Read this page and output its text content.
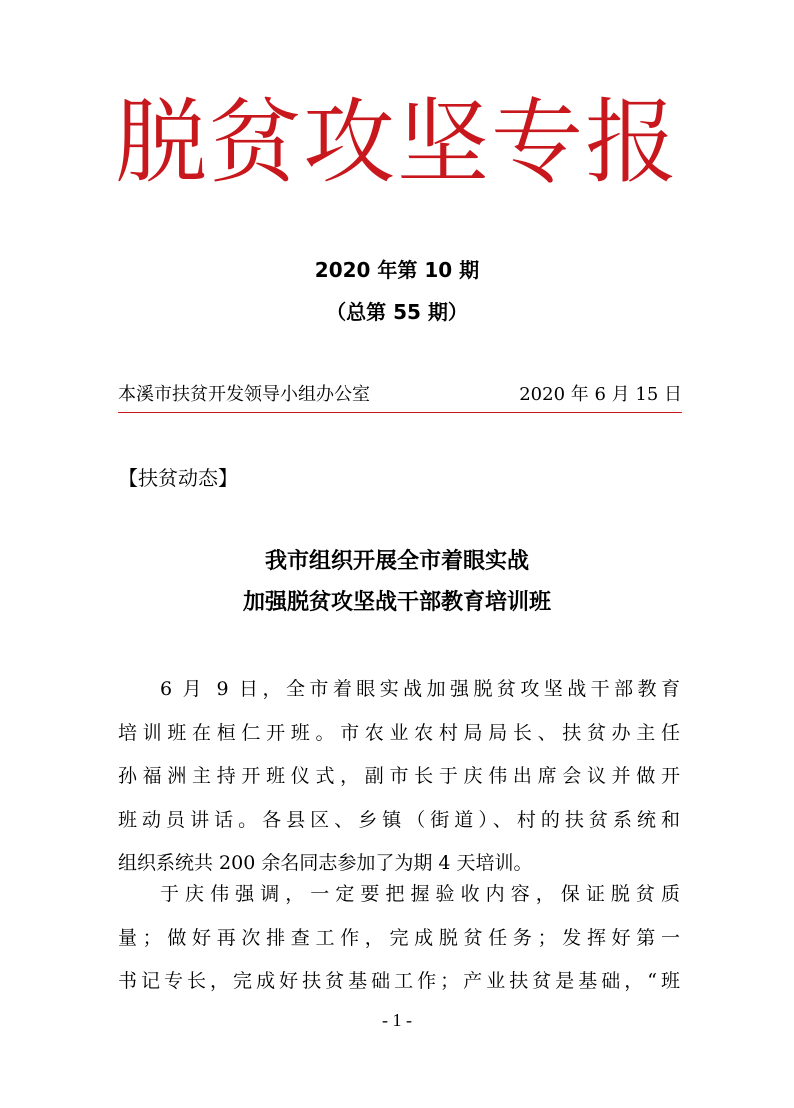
脱贫攻坚专报
2020 年第 10 期
（总第 55 期）
本溪市扶贫开发领导小组办公室	2020 年 6 月 15 日
【扶贫动态】
我市组织开展全市着眼实战
加强脱贫攻坚战干部教育培训班
6 月 9 日，全市着眼实战加强脱贫攻坚战干部教育
培训班在桓仁开班。市农业农村局局长、扶贫办主任
孙福洲主持开班仪式，副市长于庆伟出席会议并做开
班动员讲话。各县区、乡镇（街道）、村的扶贫系统和
组织系统共 200 余名同志参加了为期 4 天培训。
于庆伟强调，一定要把握验收内容，保证脱贫质
量；做好再次排查工作，完成脱贫任务；发挥好第一
书记专长，完成好扶贫基础工作；产业扶贫是基础，“班
- 1 -
